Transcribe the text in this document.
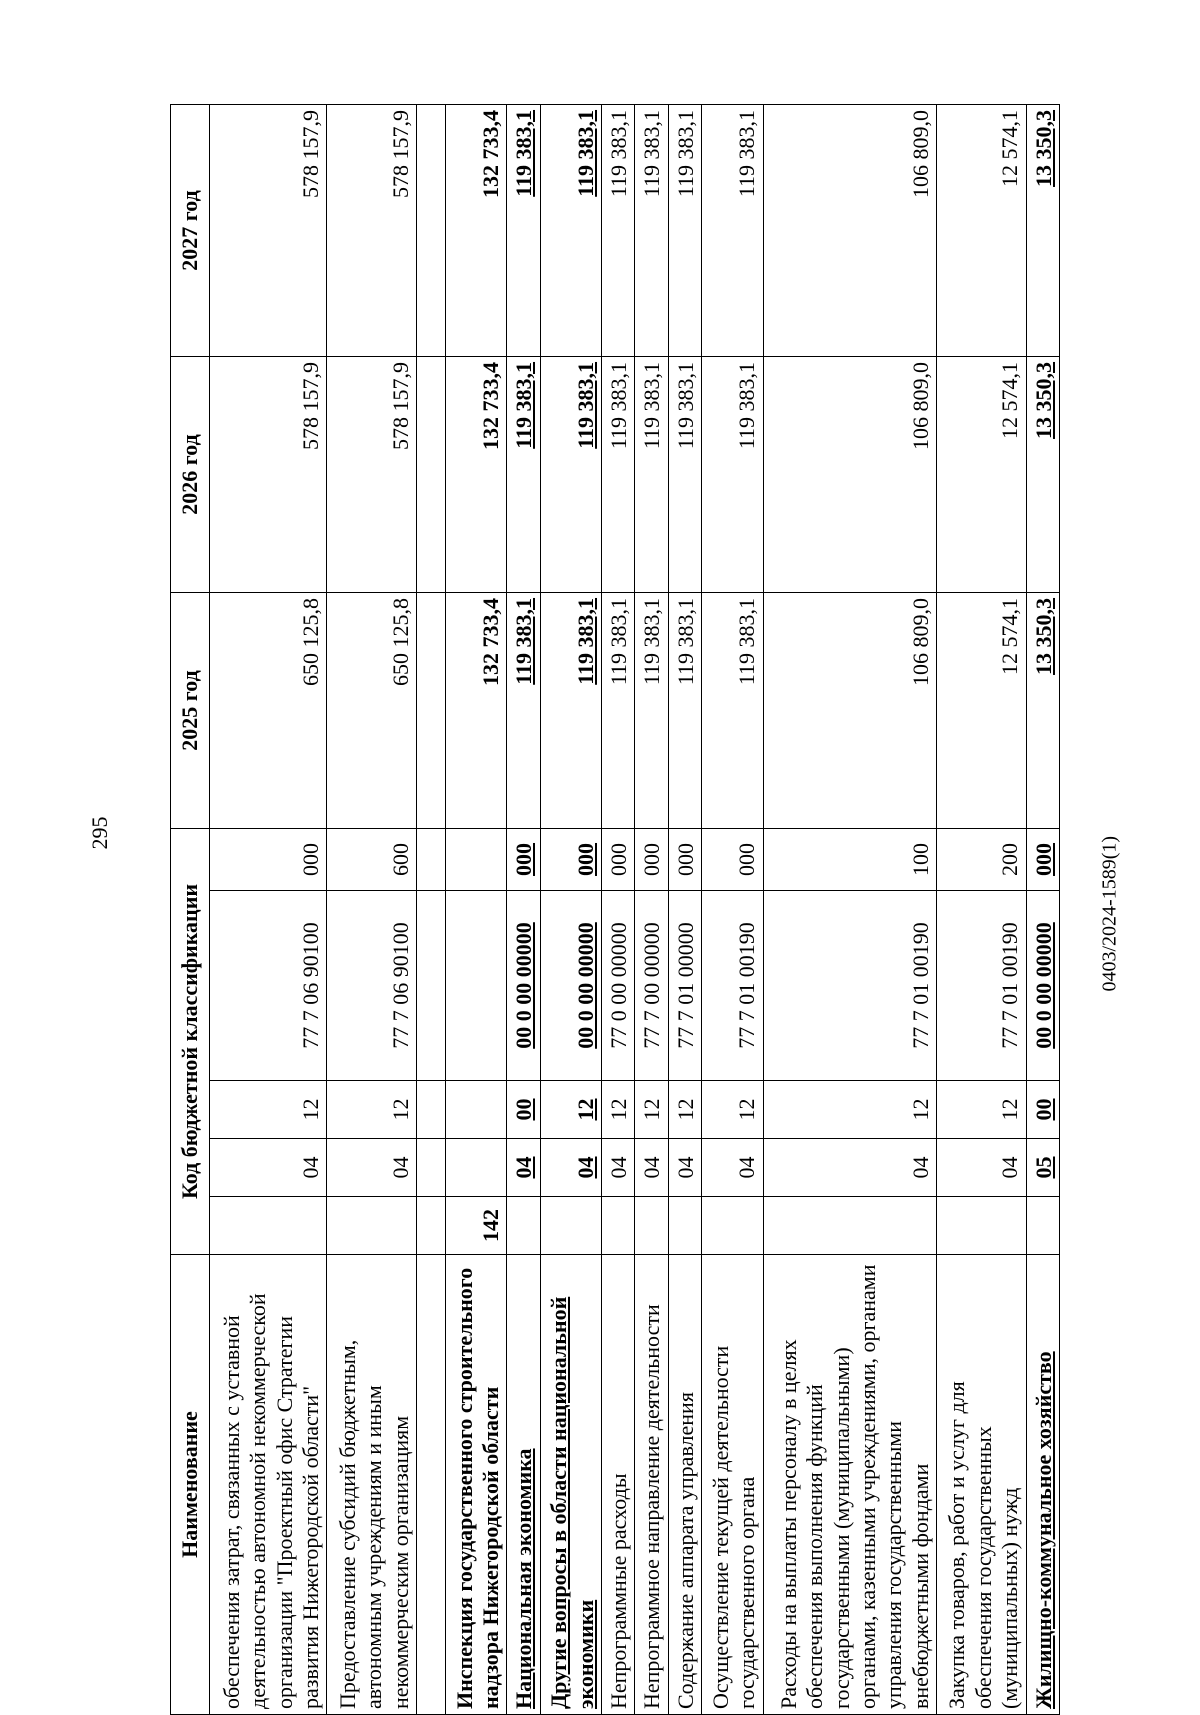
295
Наименование	Код бюджетной классификации					2025 год	2026 год	2027 год
обеспечения затрат, связанных с уставной деятельностью автономной некоммерческой организации "Проектный офис Стратегии развития Нижегородской области"		04	12	77 7 06 90100	000	650 125,8	578 157,9	578 157,9
Предоставление субсидий бюджетным, автономным учреждениям и иным некоммерческим организациям		04	12	77 7 06 90100	600	650 125,8	578 157,9	578 157,9

Инспекция государственного строительного надзора Нижегородской области	142					132 733,4	132 733,4	132 733,4
Национальная экономика		04	00	00 0 00 00000	000	119 383,1	119 383,1	119 383,1
Другие вопросы в области национальной экономики		04	12	00 0 00 00000	000	119 383,1	119 383,1	119 383,1
Непрограммные расходы		04	12	77 0 00 00000	000	119 383,1	119 383,1	119 383,1
Непрограммное направление деятельности		04	12	77 7 00 00000	000	119 383,1	119 383,1	119 383,1
Содержание аппарата управления		04	12	77 7 01 00000	000	119 383,1	119 383,1	119 383,1
Осуществление текущей деятельности государственного органа		04	12	77 7 01 00190	000	119 383,1	119 383,1	119 383,1
Расходы на выплаты персоналу в целях обеспечения выполнения функций государственными (муниципальными) органами, казенными учреждениями, органами управления государственными внебюджетными фондами		04	12	77 7 01 00190	100	106 809,0	106 809,0	106 809,0
Закупка товаров, работ и услуг для обеспечения государственных (муниципальных) нужд		04	12	77 7 01 00190	200	12 574,1	12 574,1	12 574,1
Жилищно-коммунальное хозяйство		05	00	00 0 00 00000	000	13 350,3	13 350,3	13 350,3
0403/2024-1589(1)
